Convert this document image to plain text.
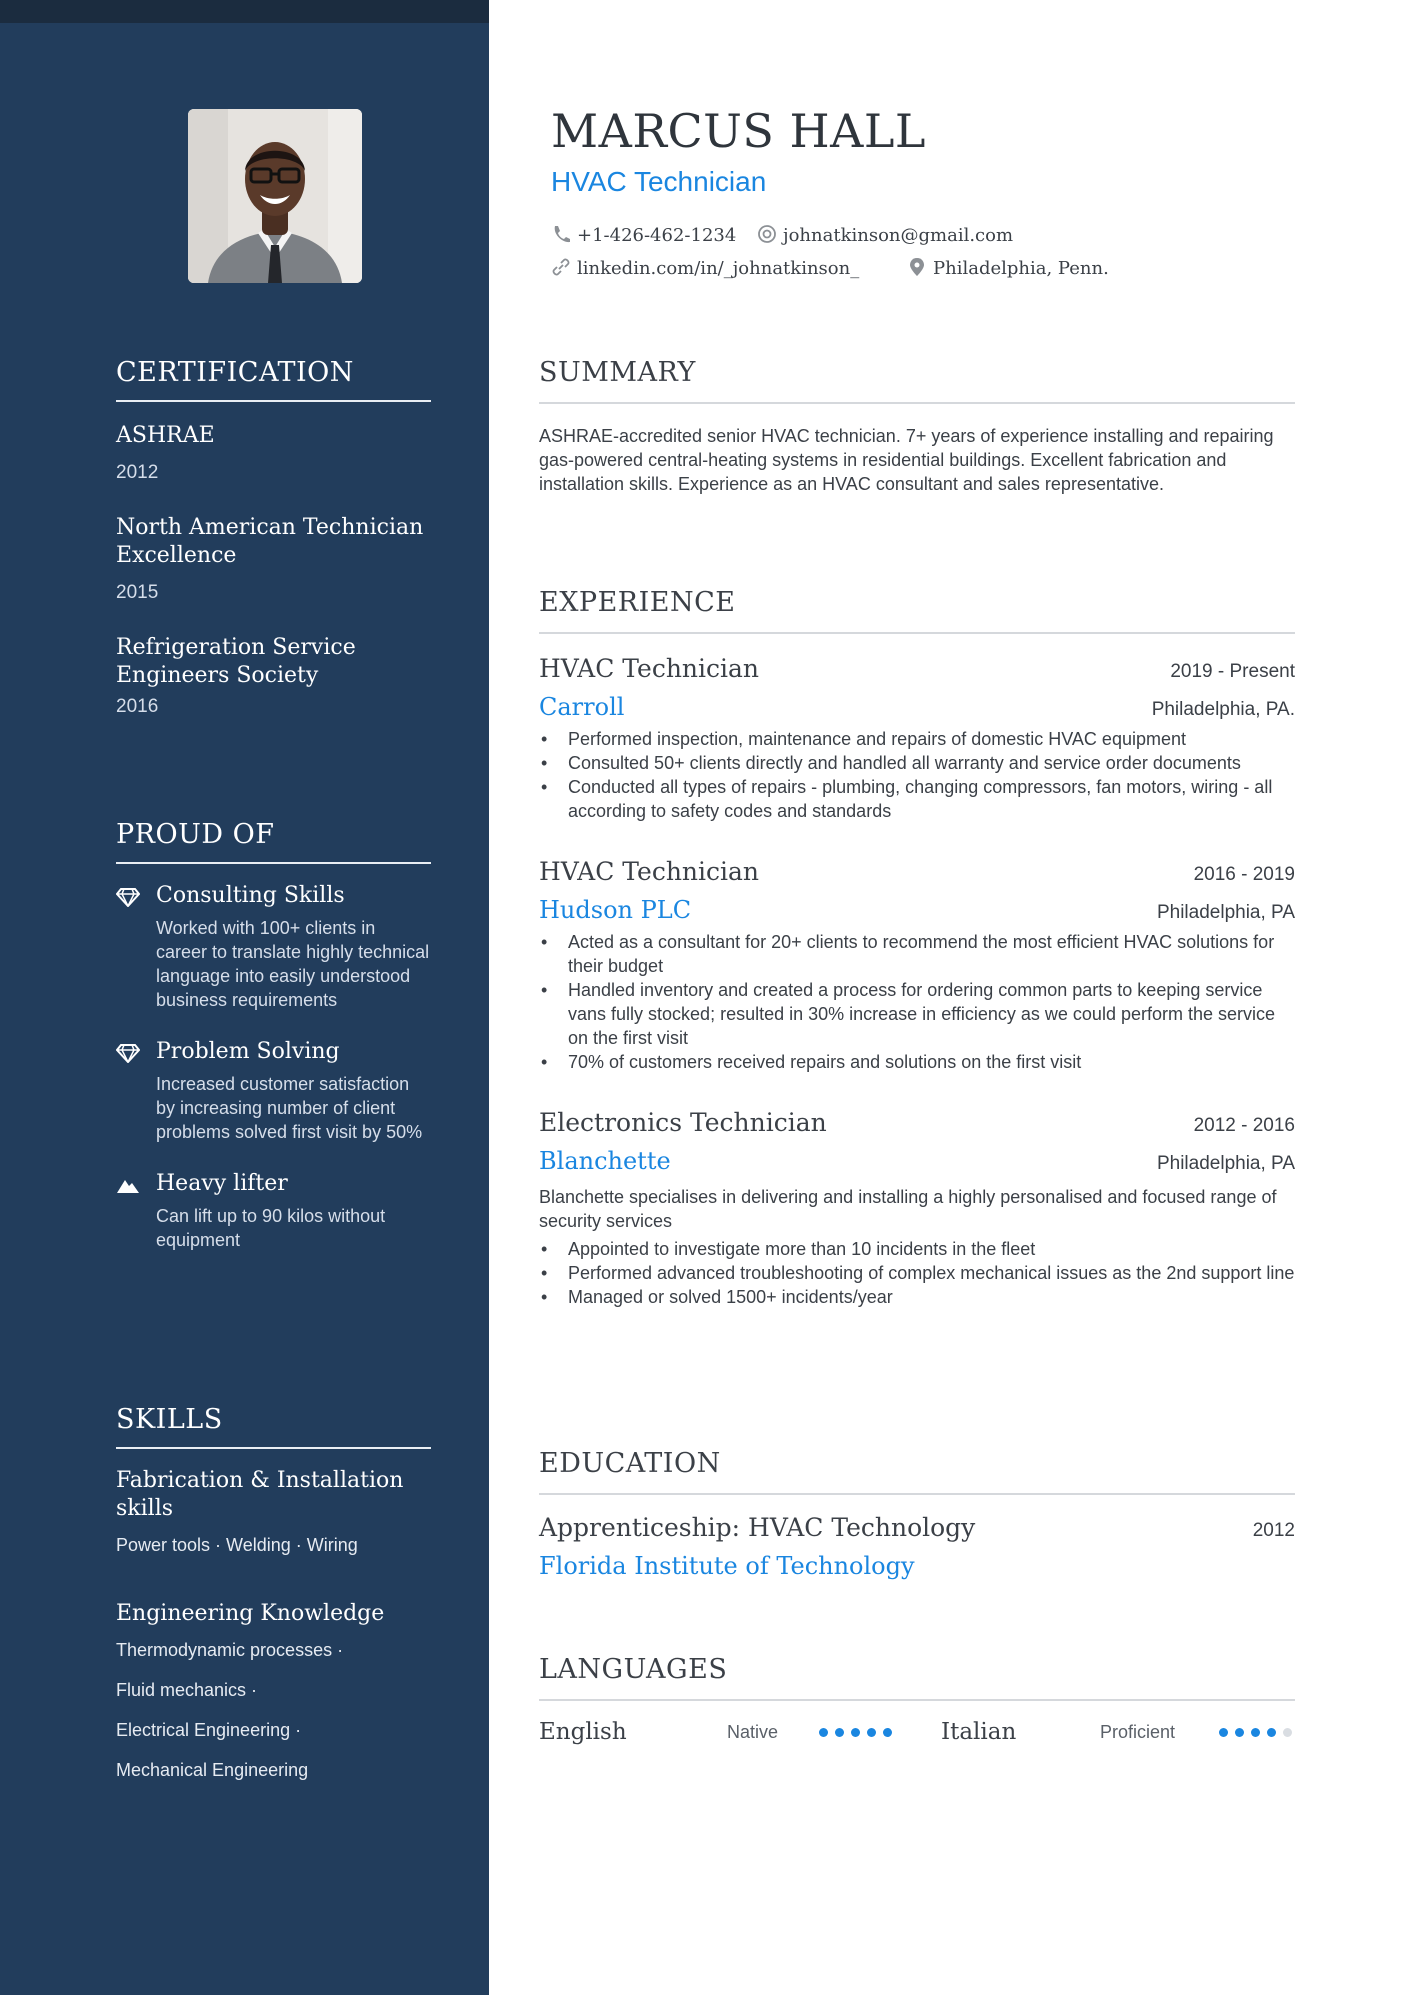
CERTIFICATION
ASHRAE
2012
North American Technician Excellence
2015
Refrigeration Service Engineers Society
2016
PROUD OF
Consulting Skills
Worked with 100+ clients in career to translate highly technical language into easily understood business requirements
Problem Solving
Increased customer satisfaction by increasing number of client problems solved first visit by 50%
Heavy lifter
Can lift up to 90 kilos without equipment
SKILLS
Fabrication & Installation skills
Power tools · Welding · Wiring
Engineering Knowledge
Thermodynamic processes ·
Fluid mechanics ·
Electrical Engineering ·
Mechanical Engineering
MARCUS HALL
HVAC Technician
+1-426-462-1234	johnatkinson@gmail.com
linkedin.com/in/_johnatkinson_	Philadelphia, Penn.
SUMMARY
ASHRAE-accredited senior HVAC technician. 7+ years of experience installing and repairing gas-powered central-heating systems in residential buildings. Excellent fabrication and installation skills. Experience as an HVAC consultant and sales representative.
EXPERIENCE
HVAC Technician	2019 - Present
Carroll	Philadelphia, PA.
• Performed inspection, maintenance and repairs of domestic HVAC equipment
• Consulted 50+ clients directly and handled all warranty and service order documents
• Conducted all types of repairs - plumbing, changing compressors, fan motors, wiring - all according to safety codes and standards
HVAC Technician	2016 - 2019
Hudson PLC	Philadelphia, PA
• Acted as a consultant for 20+ clients to recommend the most efficient HVAC solutions for their budget
• Handled inventory and created a process for ordering common parts to keeping service vans fully stocked; resulted in 30% increase in efficiency as we could perform the service on the first visit
• 70% of customers received repairs and solutions on the first visit
Electronics Technician	2012 - 2016
Blanchette	Philadelphia, PA
Blanchette specialises in delivering and installing a highly personalised and focused range of security services
• Appointed to investigate more than 10 incidents in the fleet
• Performed advanced troubleshooting of complex mechanical issues as the 2nd support line
• Managed or solved 1500+ incidents/year
EDUCATION
Apprenticeship: HVAC Technology	2012
Florida Institute of Technology
LANGUAGES
English	Native	Italian	Proficient
